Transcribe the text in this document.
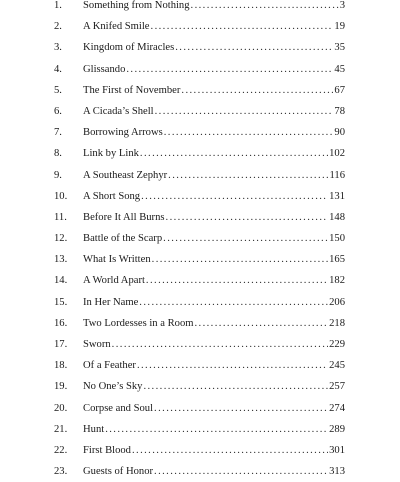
1. Something from Nothing .....	3
2. A Knifed Smile .....	19
3. Kingdom of Miracles .....	35
4. Glissando .....	45
5. The First of November .....	67
6. A Cicada’s Shell .....	78
7. Borrowing Arrows .....	90
8. Link by Link .....	102
9. A Southeast Zephyr .....	116
10. A Short Song .....	131
11. Before It All Burns .....	148
12. Battle of the Scarp .....	150
13. What Is Written .....	165
14. A World Apart .....	182
15. In Her Name .....	206
16. Two Lordesses in a Room .....	218
17. Sworn .....	229
18. Of a Feather .....	245
19. No One’s Sky .....	257
20. Corpse and Soul .....	274
21. Hunt .....	289
22. First Blood .....	301
23. Guests of Honor .....	313
